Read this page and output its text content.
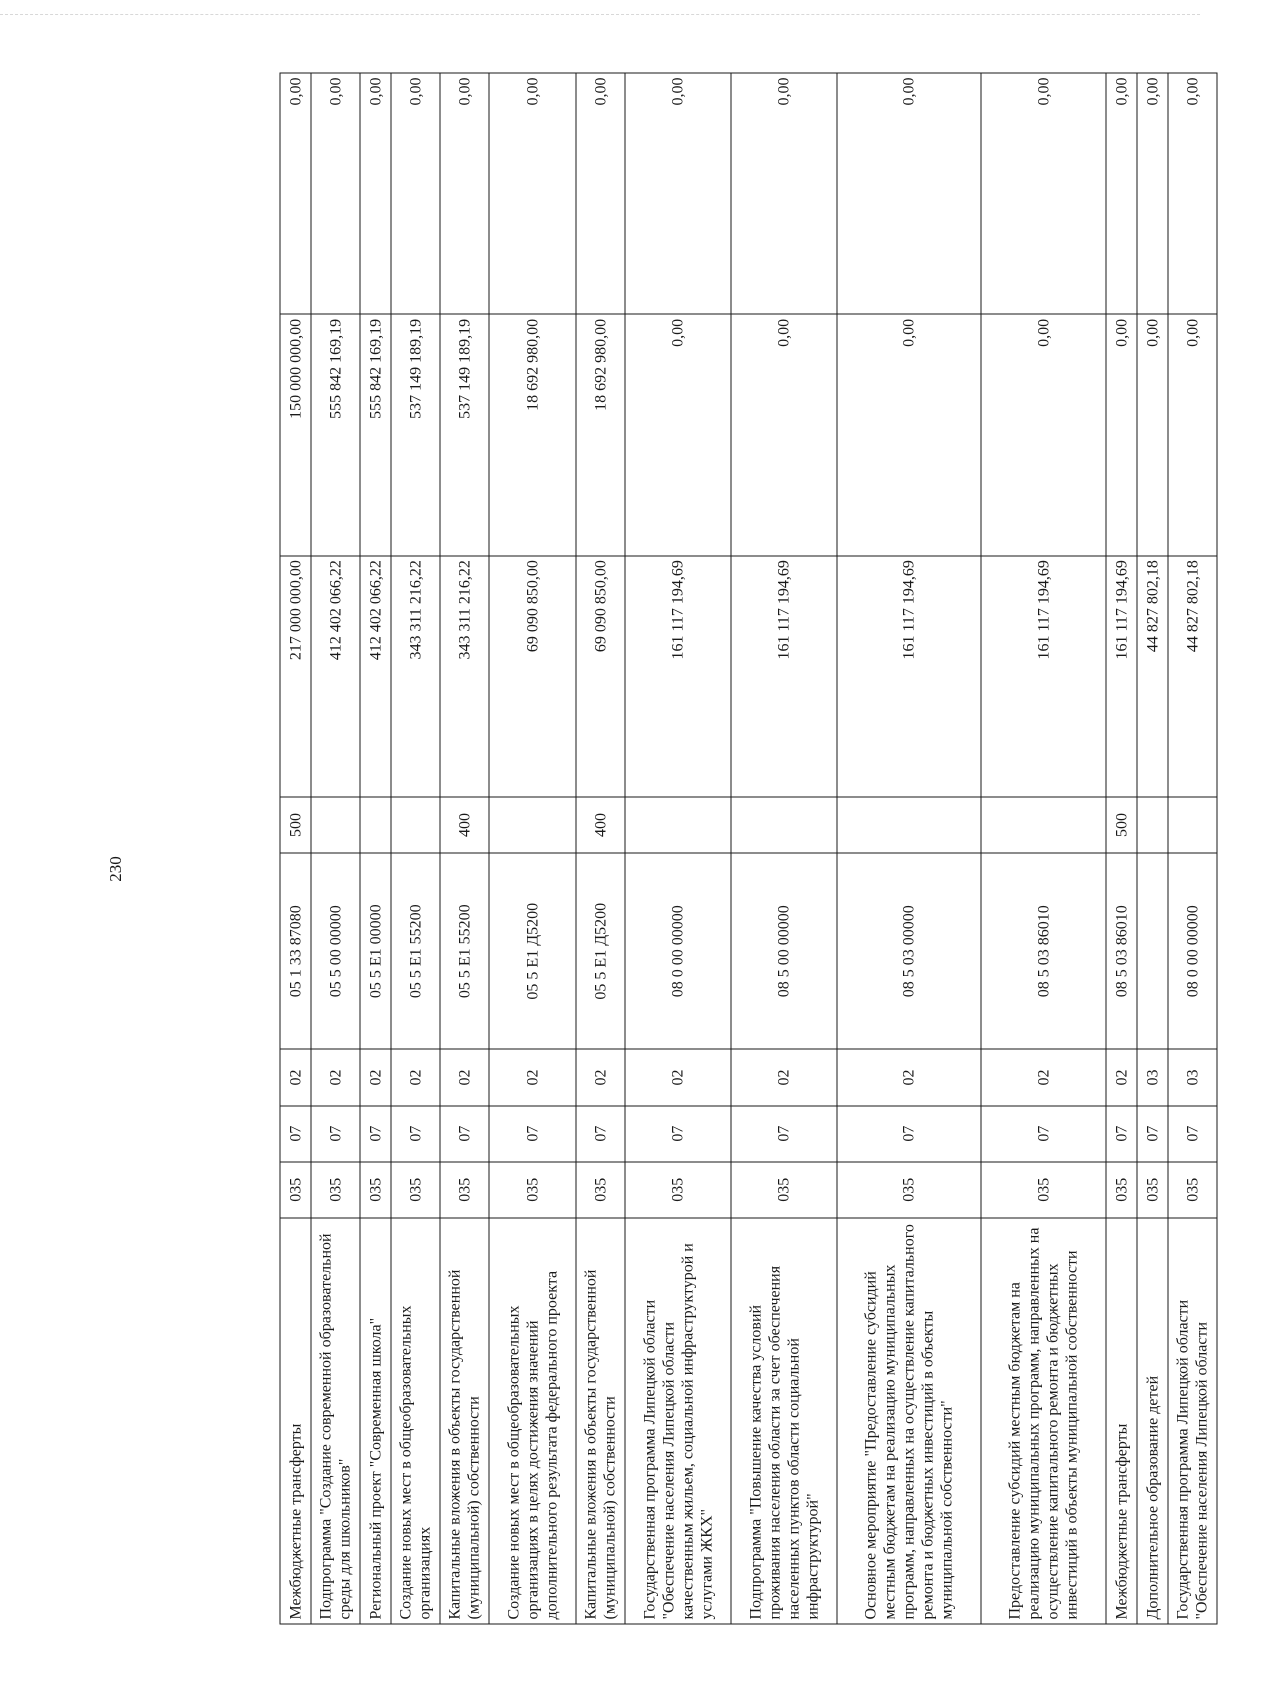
230
Межбюджетные трансферты	035	07	02	05 1 33 87080	500	217 000 000,00	150 000 000,00	0,00
Подпрограмма "Создание современной образовательной среды для школьников"	035	07	02	05 5 00 00000		412 402 066,22	555 842 169,19	0,00
Региональный проект "Современная школа"	035	07	02	05 5 Е1 00000		412 402 066,22	555 842 169,19	0,00
Создание новых мест в общеобразовательных организациях	035	07	02	05 5 Е1 55200		343 311 216,22	537 149 189,19	0,00
Капитальные вложения в объекты государственной (муниципальной) собственности	035	07	02	05 5 Е1 55200	400	343 311 216,22	537 149 189,19	0,00
Создание новых мест в общеобразовательных организациях в целях достижения значений дополнительного результата федерального проекта	035	07	02	05 5 Е1 Д5200		69 090 850,00	18 692 980,00	0,00
Капитальные вложения в объекты государственной (муниципальной) собственности	035	07	02	05 5 Е1 Д5200	400	69 090 850,00	18 692 980,00	0,00
Государственная программа Липецкой области "Обеспечение населения Липецкой области качественным жильем, социальной инфраструктурой и услугами ЖКХ"	035	07	02	08 0 00 00000		161 117 194,69	0,00	0,00
Подпрограмма "Повышение качества условий проживания населения области за счет обеспечения населенных пунктов области социальной инфраструктурой"	035	07	02	08 5 00 00000		161 117 194,69	0,00	0,00
Основное мероприятие "Предоставление субсидий местным бюджетам на реализацию муниципальных программ, направленных на осуществление капитального ремонта и бюджетных инвестиций в объекты муниципальной собственности"	035	07	02	08 5 03 00000		161 117 194,69	0,00	0,00
Предоставление субсидий местным бюджетам на реализацию муниципальных программ, направленных на осуществление капитального ремонта и бюджетных инвестиций в объекты муниципальной собственности	035	07	02	08 5 03 86010		161 117 194,69	0,00	0,00
Межбюджетные трансферты	035	07	02	08 5 03 86010	500	161 117 194,69	0,00	0,00
Дополнительное образование детей	035	07	03			44 827 802,18	0,00	0,00
Государственная программа Липецкой области "Обеспечение населения Липецкой области	035	07	03	08 0 00 00000		44 827 802,18	0,00	0,00
